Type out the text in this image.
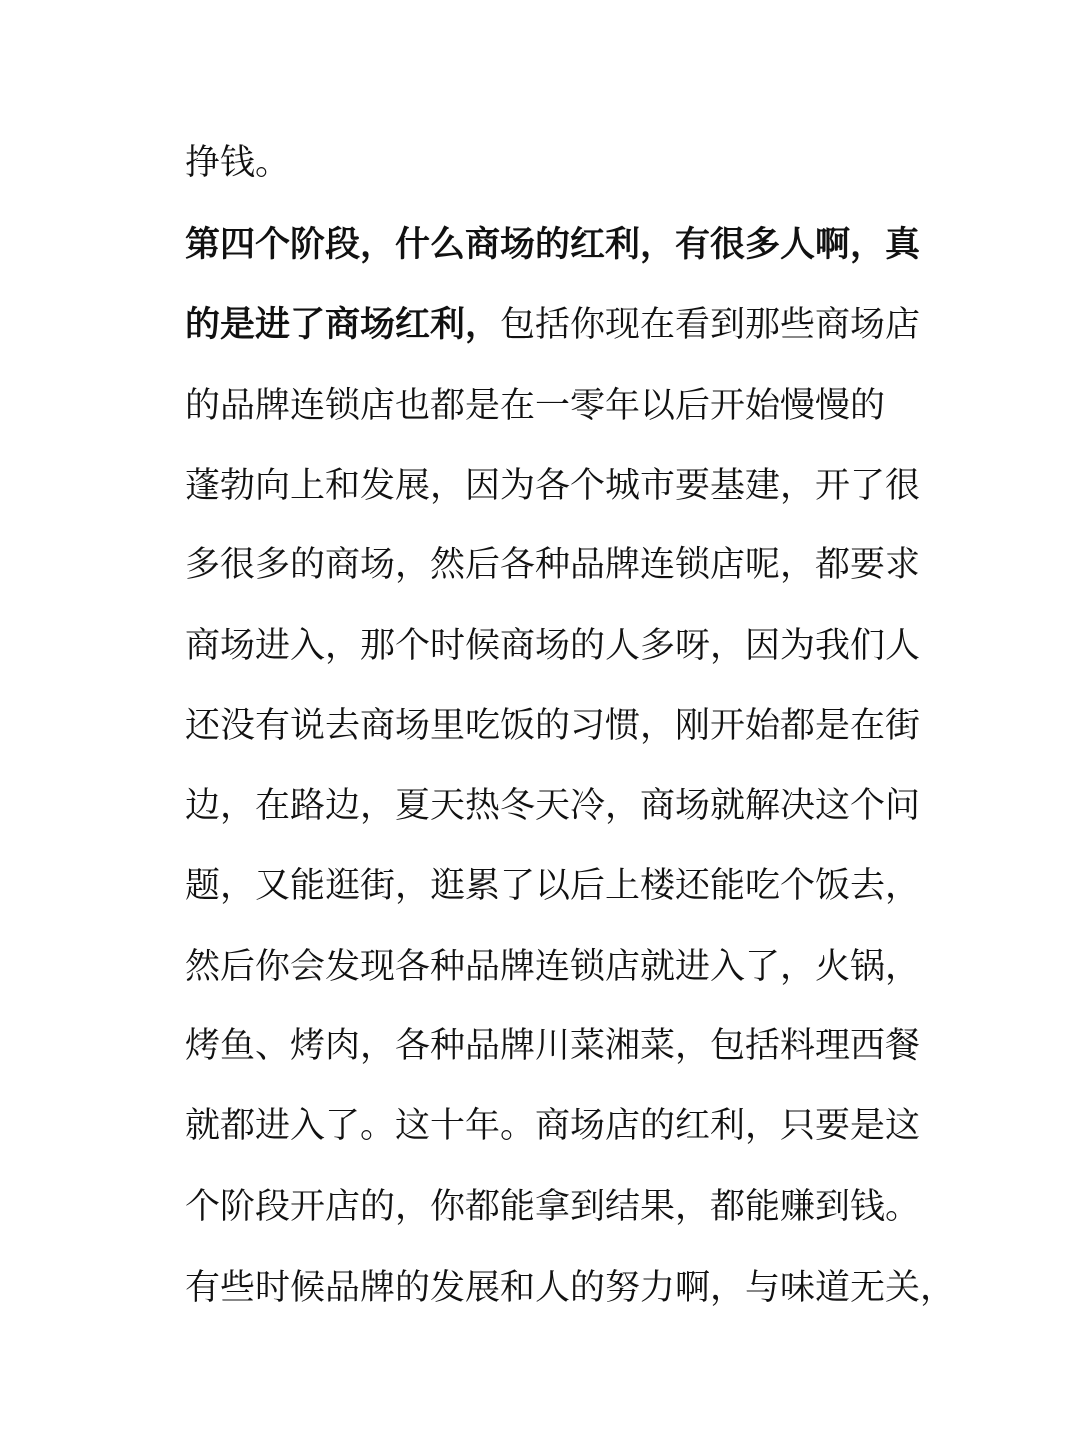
挣钱。
第四个阶段，什么商场的红利，有很多人啊，真
的是进了商场红利，包括你现在看到那些商场店
的品牌连锁店也都是在一零年以后开始慢慢的
蓬勃向上和发展，因为各个城市要基建，开了很
多很多的商场，然后各种品牌连锁店呢，都要求
商场进入，那个时候商场的人多呀，因为我们人
还没有说去商场里吃饭的习惯，刚开始都是在街
边，在路边，夏天热冬天冷，商场就解决这个问
题，又能逛街，逛累了以后上楼还能吃个饭去，
然后你会发现各种品牌连锁店就进入了，火锅，
烤鱼、烤肉，各种品牌川菜湘菜，包括料理西餐
就都进入了。这十年。商场店的红利，只要是这
个阶段开店的，你都能拿到结果，都能赚到钱。
有些时候品牌的发展和人的努力啊，与味道无关，
